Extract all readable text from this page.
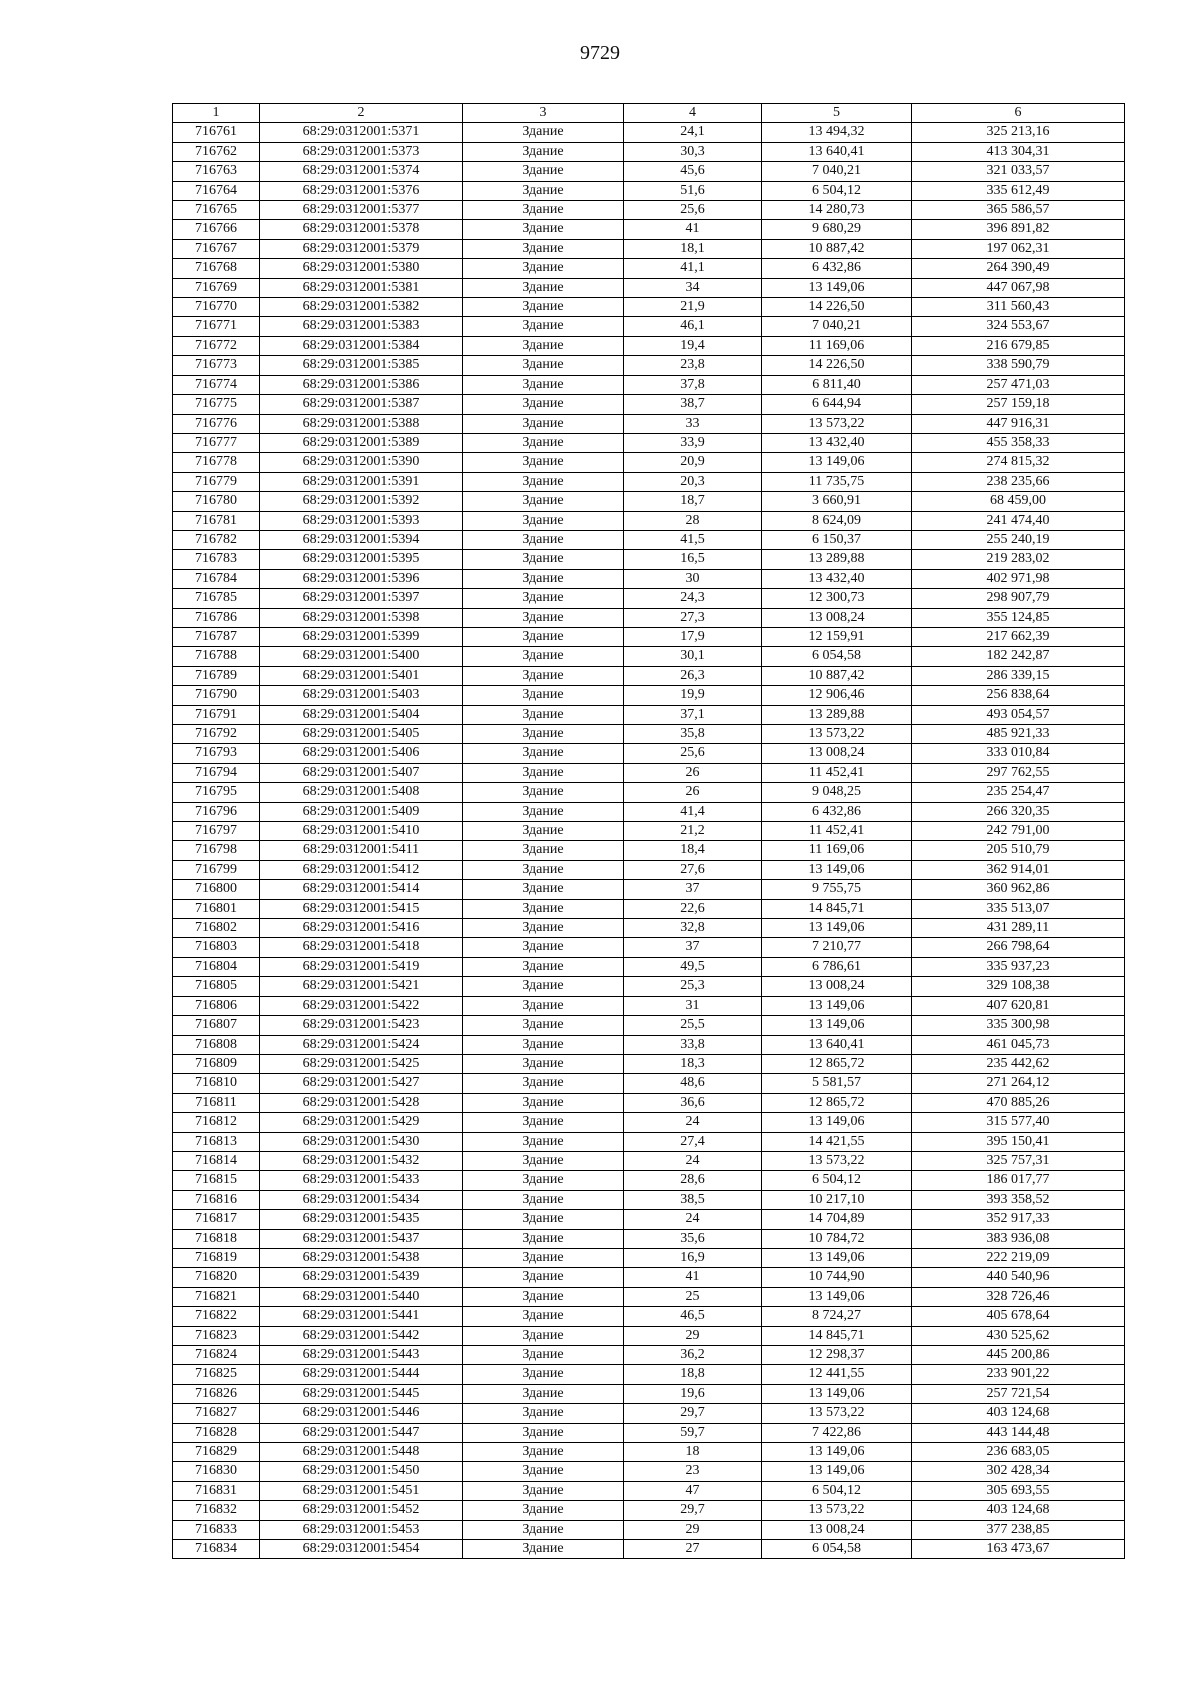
9729
1	2	3	4	5	6
716761	68:29:0312001:5371	Здание	24,1	13 494,32	325 213,16
716762	68:29:0312001:5373	Здание	30,3	13 640,41	413 304,31
716763	68:29:0312001:5374	Здание	45,6	7 040,21	321 033,57
716764	68:29:0312001:5376	Здание	51,6	6 504,12	335 612,49
716765	68:29:0312001:5377	Здание	25,6	14 280,73	365 586,57
716766	68:29:0312001:5378	Здание	41	9 680,29	396 891,82
716767	68:29:0312001:5379	Здание	18,1	10 887,42	197 062,31
716768	68:29:0312001:5380	Здание	41,1	6 432,86	264 390,49
716769	68:29:0312001:5381	Здание	34	13 149,06	447 067,98
716770	68:29:0312001:5382	Здание	21,9	14 226,50	311 560,43
716771	68:29:0312001:5383	Здание	46,1	7 040,21	324 553,67
716772	68:29:0312001:5384	Здание	19,4	11 169,06	216 679,85
716773	68:29:0312001:5385	Здание	23,8	14 226,50	338 590,79
716774	68:29:0312001:5386	Здание	37,8	6 811,40	257 471,03
716775	68:29:0312001:5387	Здание	38,7	6 644,94	257 159,18
716776	68:29:0312001:5388	Здание	33	13 573,22	447 916,31
716777	68:29:0312001:5389	Здание	33,9	13 432,40	455 358,33
716778	68:29:0312001:5390	Здание	20,9	13 149,06	274 815,32
716779	68:29:0312001:5391	Здание	20,3	11 735,75	238 235,66
716780	68:29:0312001:5392	Здание	18,7	3 660,91	68 459,00
716781	68:29:0312001:5393	Здание	28	8 624,09	241 474,40
716782	68:29:0312001:5394	Здание	41,5	6 150,37	255 240,19
716783	68:29:0312001:5395	Здание	16,5	13 289,88	219 283,02
716784	68:29:0312001:5396	Здание	30	13 432,40	402 971,98
716785	68:29:0312001:5397	Здание	24,3	12 300,73	298 907,79
716786	68:29:0312001:5398	Здание	27,3	13 008,24	355 124,85
716787	68:29:0312001:5399	Здание	17,9	12 159,91	217 662,39
716788	68:29:0312001:5400	Здание	30,1	6 054,58	182 242,87
716789	68:29:0312001:5401	Здание	26,3	10 887,42	286 339,15
716790	68:29:0312001:5403	Здание	19,9	12 906,46	256 838,64
716791	68:29:0312001:5404	Здание	37,1	13 289,88	493 054,57
716792	68:29:0312001:5405	Здание	35,8	13 573,22	485 921,33
716793	68:29:0312001:5406	Здание	25,6	13 008,24	333 010,84
716794	68:29:0312001:5407	Здание	26	11 452,41	297 762,55
716795	68:29:0312001:5408	Здание	26	9 048,25	235 254,47
716796	68:29:0312001:5409	Здание	41,4	6 432,86	266 320,35
716797	68:29:0312001:5410	Здание	21,2	11 452,41	242 791,00
716798	68:29:0312001:5411	Здание	18,4	11 169,06	205 510,79
716799	68:29:0312001:5412	Здание	27,6	13 149,06	362 914,01
716800	68:29:0312001:5414	Здание	37	9 755,75	360 962,86
716801	68:29:0312001:5415	Здание	22,6	14 845,71	335 513,07
716802	68:29:0312001:5416	Здание	32,8	13 149,06	431 289,11
716803	68:29:0312001:5418	Здание	37	7 210,77	266 798,64
716804	68:29:0312001:5419	Здание	49,5	6 786,61	335 937,23
716805	68:29:0312001:5421	Здание	25,3	13 008,24	329 108,38
716806	68:29:0312001:5422	Здание	31	13 149,06	407 620,81
716807	68:29:0312001:5423	Здание	25,5	13 149,06	335 300,98
716808	68:29:0312001:5424	Здание	33,8	13 640,41	461 045,73
716809	68:29:0312001:5425	Здание	18,3	12 865,72	235 442,62
716810	68:29:0312001:5427	Здание	48,6	5 581,57	271 264,12
716811	68:29:0312001:5428	Здание	36,6	12 865,72	470 885,26
716812	68:29:0312001:5429	Здание	24	13 149,06	315 577,40
716813	68:29:0312001:5430	Здание	27,4	14 421,55	395 150,41
716814	68:29:0312001:5432	Здание	24	13 573,22	325 757,31
716815	68:29:0312001:5433	Здание	28,6	6 504,12	186 017,77
716816	68:29:0312001:5434	Здание	38,5	10 217,10	393 358,52
716817	68:29:0312001:5435	Здание	24	14 704,89	352 917,33
716818	68:29:0312001:5437	Здание	35,6	10 784,72	383 936,08
716819	68:29:0312001:5438	Здание	16,9	13 149,06	222 219,09
716820	68:29:0312001:5439	Здание	41	10 744,90	440 540,96
716821	68:29:0312001:5440	Здание	25	13 149,06	328 726,46
716822	68:29:0312001:5441	Здание	46,5	8 724,27	405 678,64
716823	68:29:0312001:5442	Здание	29	14 845,71	430 525,62
716824	68:29:0312001:5443	Здание	36,2	12 298,37	445 200,86
716825	68:29:0312001:5444	Здание	18,8	12 441,55	233 901,22
716826	68:29:0312001:5445	Здание	19,6	13 149,06	257 721,54
716827	68:29:0312001:5446	Здание	29,7	13 573,22	403 124,68
716828	68:29:0312001:5447	Здание	59,7	7 422,86	443 144,48
716829	68:29:0312001:5448	Здание	18	13 149,06	236 683,05
716830	68:29:0312001:5450	Здание	23	13 149,06	302 428,34
716831	68:29:0312001:5451	Здание	47	6 504,12	305 693,55
716832	68:29:0312001:5452	Здание	29,7	13 573,22	403 124,68
716833	68:29:0312001:5453	Здание	29	13 008,24	377 238,85
716834	68:29:0312001:5454	Здание	27	6 054,58	163 473,67
